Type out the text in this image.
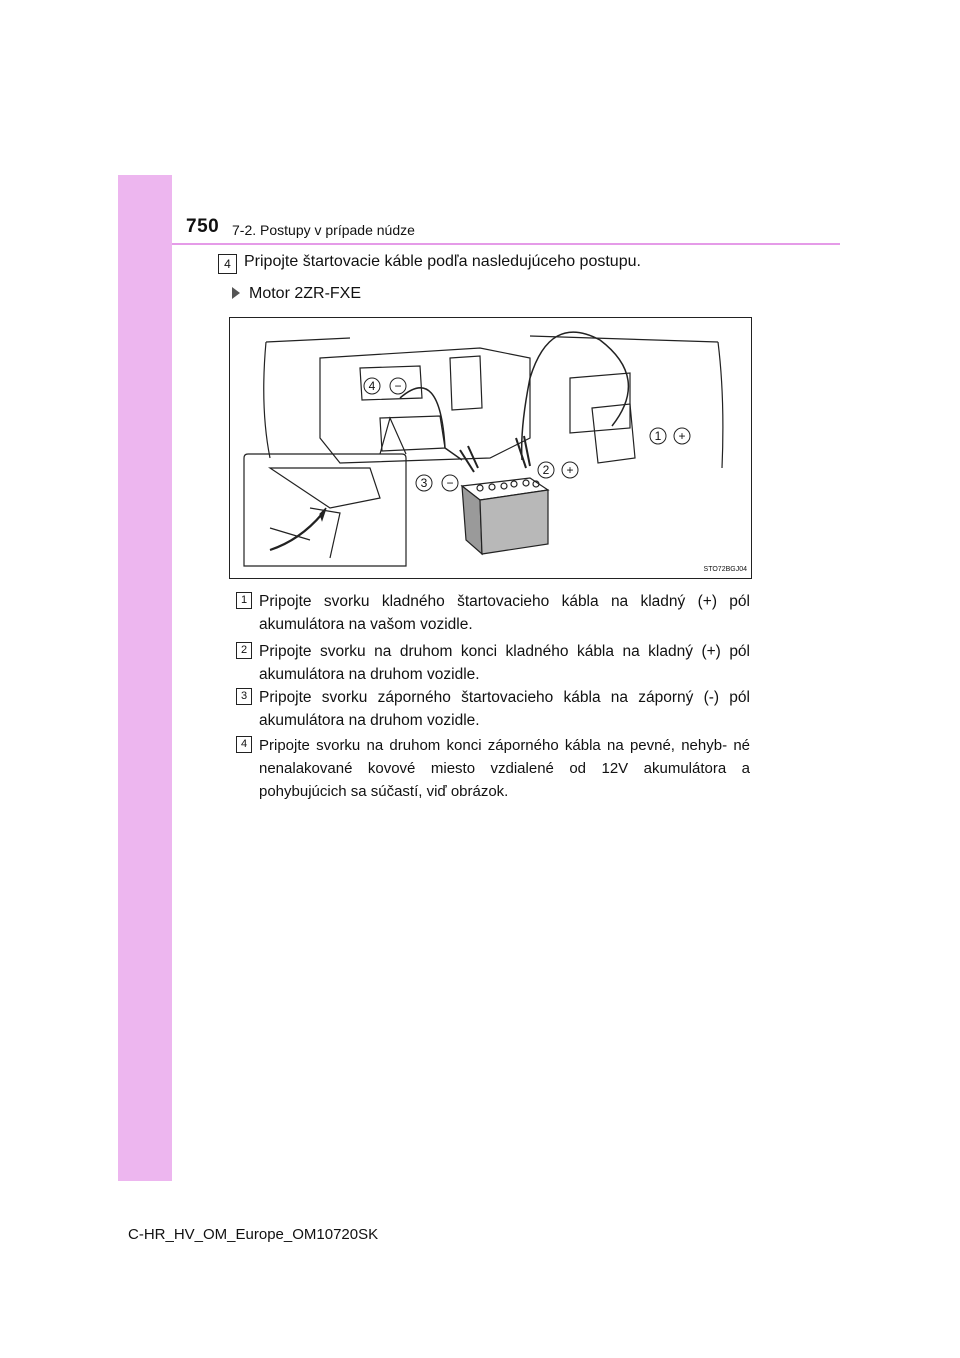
750 7-2. Postupy v prípade núdze
4 Pripojte štartovacie káble podľa nasledujúceho postupu.
Motor 2ZR-FXE
4 −
3 −
2 +
1 +
STO72BGJ04
1 Pripojte svorku kladného štartovacieho kábla na kladný (+) pól akumulátora na vašom vozidle.
2 Pripojte svorku na druhom konci kladného kábla na kladný (+) pól akumulátora na druhom vozidle.
3 Pripojte svorku záporného štartovacieho kábla na záporný (-) pól akumulátora na druhom vozidle.
4 Pripojte svorku na druhom konci záporného kábla na pevné, nehyb- né nenalakované kovové miesto vzdialené od 12V akumulátora a pohybujúcich sa súčastí, viď obrázok.
C-HR_HV_OM_Europe_OM10720SK
